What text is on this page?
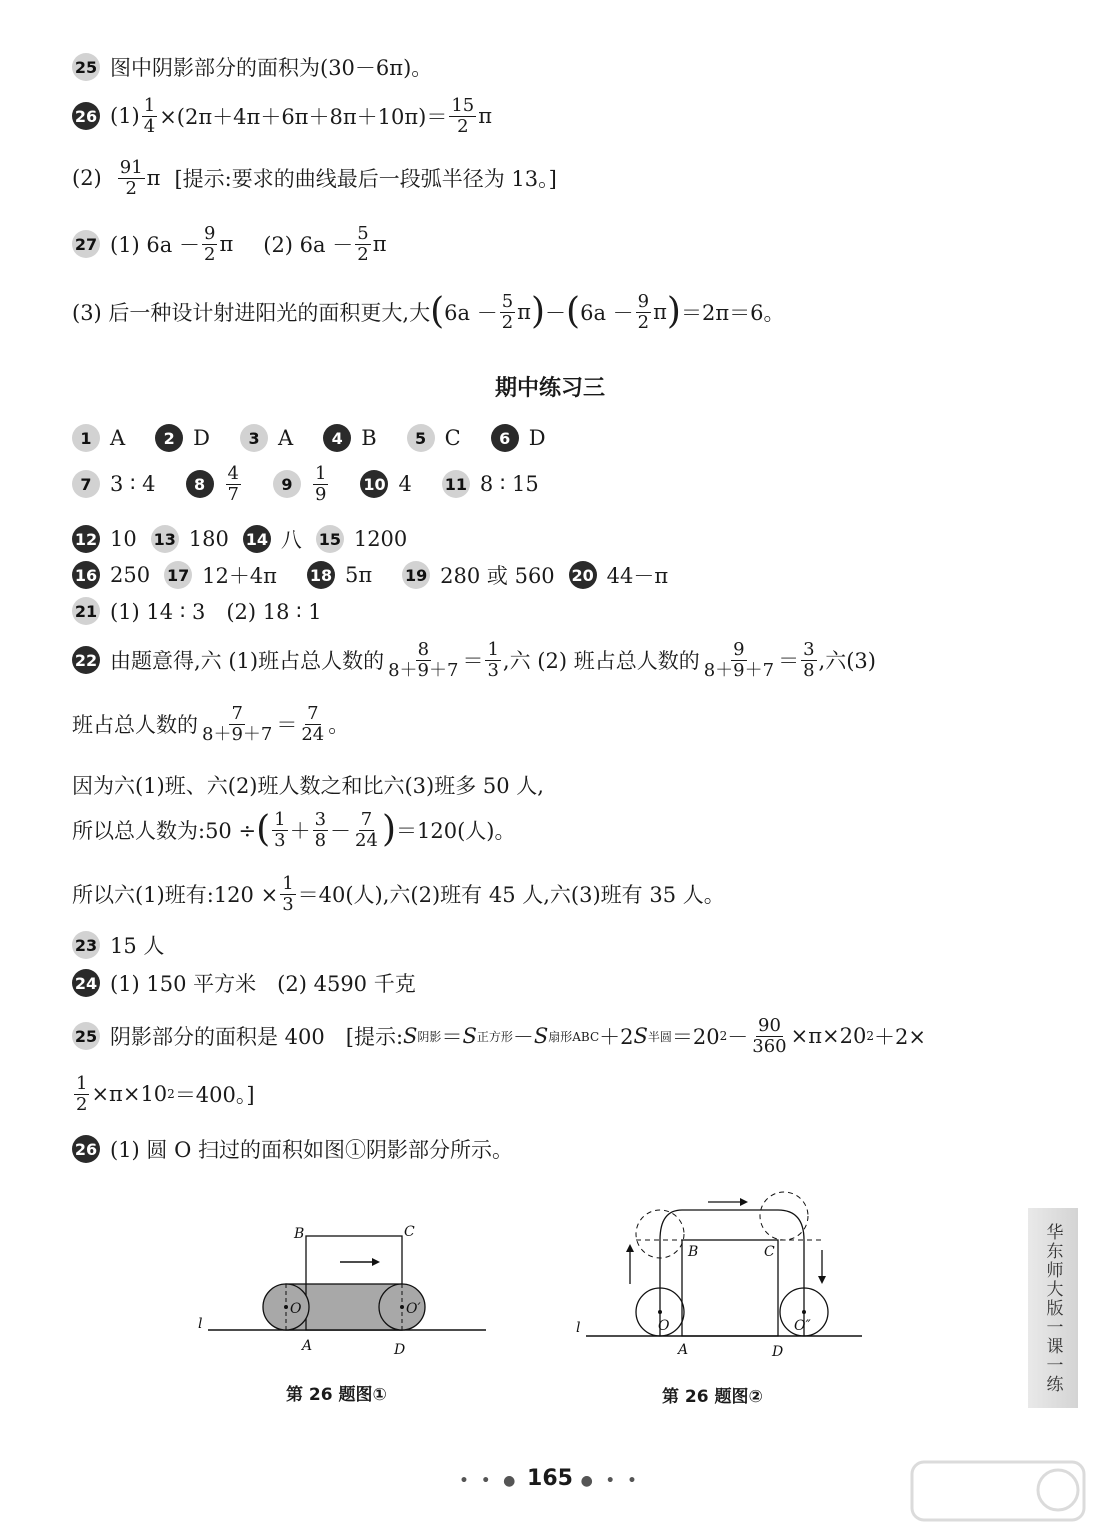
25 图中阴影部分的面积为(30－6π)。
26 $(1) \frac{1}{4} \times(2\pi+4\pi+6\pi+8\pi+10\pi)= \frac{15}{2}$ π
$(2) \frac{91}{2}$ π [提示:要求的曲线最后一段弧半径为 13。]
27 (1) $6a - \frac{9}{2}$ π (2) $6a - \frac{5}{2}$ π
(3) 后一种设计射进阳光的面积更大,大 ( $6a - \frac{5}{2}$ π ) － ( $6a - \frac{9}{2}$ π ) ＝2π＝6。
期中练习三
1 A	2 D	3 A	4 B	5 C	6 D
7 3 ∶ 4	8	$\frac{4}{7}$	9	$\frac{1}{9} 10$ 4 11 8 ∶ 15
12 10 13 180 14 八 15 1200
16 250 17 12＋4π 18 5π 19 280 或 560 20 44－π
21 (1) 14 ∶ 3　(2) 18 ∶ 1
22 由题意得,六 (1)班占总人数的 $\frac{8}{8+9+7} = \frac{1}{3}$ ,六 (2) 班占总人数的 $\frac{9}{8+9+7} = \frac{3}{8}$ ,六(3)
班占总人数的 $\frac{7}{8+9+7} = \frac{7}{24}$ 。
因为六(1)班、六(2)班人数之和比六(3)班多 50 人,
所以总人数为:50 ÷ ( $\frac{1}{3} + \frac{3}{8} - \frac{7}{24}$ ) ＝120(人)。
所以六(1)班有:120 × $\frac{1}{3} =40$(人),六(2)班有 45 人,六(3)班有 35 人。
23 15 人
24 (1) 150 平方米　(2) 4590 千克
25 阴影部分的面积是 400　[提示: S 阴影 ＝ S 正方形 － S 扇形ABC ＋2 S 半圆 ＝20 $2 - \frac{90}{360} \times\pi\times 20$ 2 ＋2×
$\frac{1}{2} \times\pi\times 10$ 2 ＝400。]
26 (1) 圆 O 扫过的面积如图①阴影部分所示。
B	C
A	D
O	O′
l
第 26 题图①
B	C
A	D
O	O″
l
第 26 题图②
华东师大版一课一练
• • ● 165 ● • •
